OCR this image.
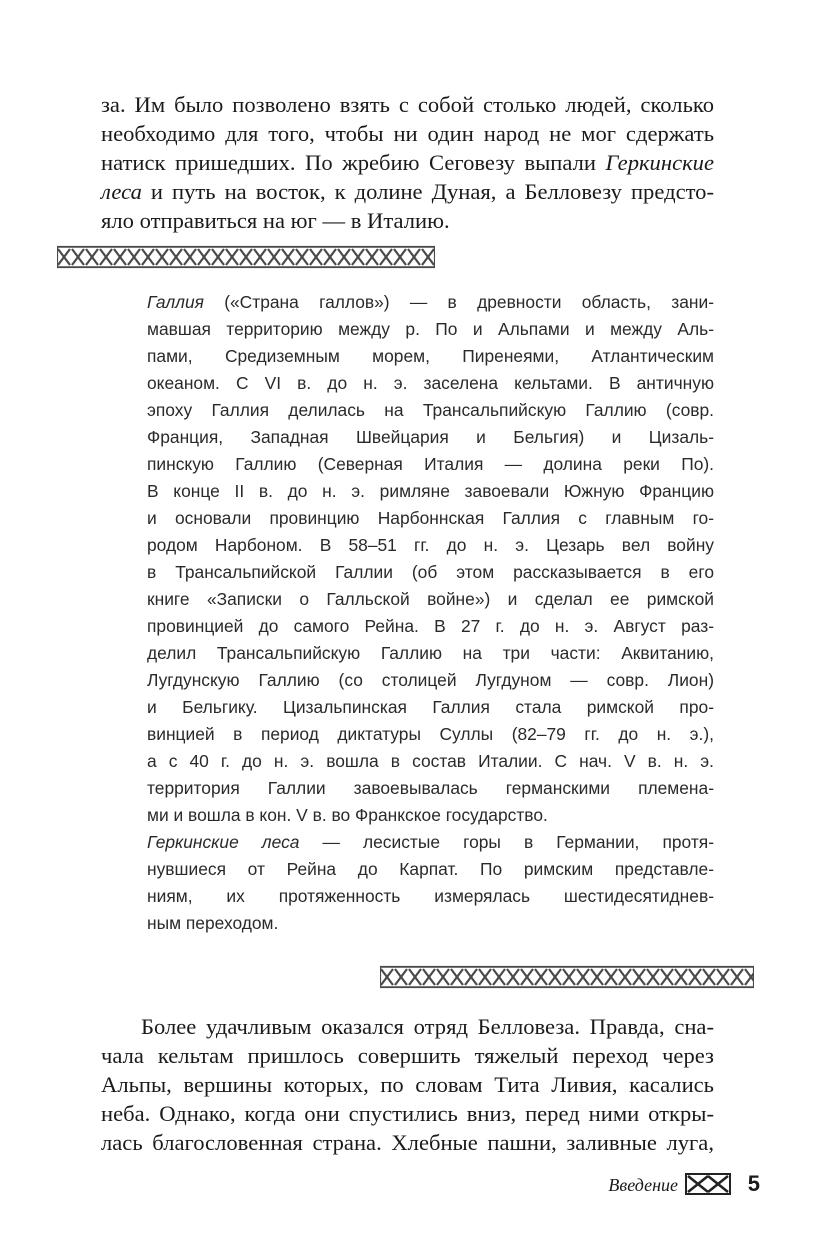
за. Им было позволено взять с собой столько людей, сколько
необходимо для того, чтобы ни один народ не мог сдержать
натиск пришедших. По жребию Сеговезу выпали Геркинские
леса и путь на восток, к долине Дуная, а Белловезу предсто-
яло отправиться на юг — в Италию.
Галлия («Страна галлов») — в древности область, зани-
мавшая территорию между р. По и Альпами и между Аль-
пами, Средиземным морем, Пиренеями, Атлантическим
океаном. С VI в. до н. э. заселена кельтами. В античную
эпоху Галлия делилась на Трансальпийскую Галлию (совр.
Франция, Западная Швейцария и Бельгия) и Цизаль-
пинскую Галлию (Северная Италия — долина реки По).
В конце II в. до н. э. римляне завоевали Южную Францию
и основали провинцию Нарбоннская Галлия с главным го-
родом Нарбоном. В 58–51 гг. до н. э. Цезарь вел войну
в Трансальпийской Галлии (об этом рассказывается в его
книге «Записки о Галльской войне») и сделал ее римской
провинцией до самого Рейна. В 27 г. до н. э. Август раз-
делил Трансальпийскую Галлию на три части: Аквитанию,
Лугдунскую Галлию (со столицей Лугдуном — совр. Лион)
и Бельгику. Цизальпинская Галлия стала римской про-
винцией в период диктатуры Суллы (82–79 гг. до н. э.),
а с 40 г. до н. э. вошла в состав Италии. С нач. V в. н. э.
территория Галлии завоевывалась германскими племена-
ми и вошла в кон. V в. во Франкское государство.
Геркинские леса — лесистые горы в Германии, протя-
нувшиеся от Рейна до Карпат. По римским представле-
ниям, их протяженность измерялась шестидесятиднев-
ным переходом.

Более удачливым оказался отряд Белловеза. Правда, сна-

чала кельтам пришлось совершить тяжелый переход через
Альпы, вершины которых, по словам Тита Ливия, касались
неба. Однако, когда они спустились вниз, перед ними откры-
лась благословенная страна. Хлебные пашни, заливные луга,
Введение	5
